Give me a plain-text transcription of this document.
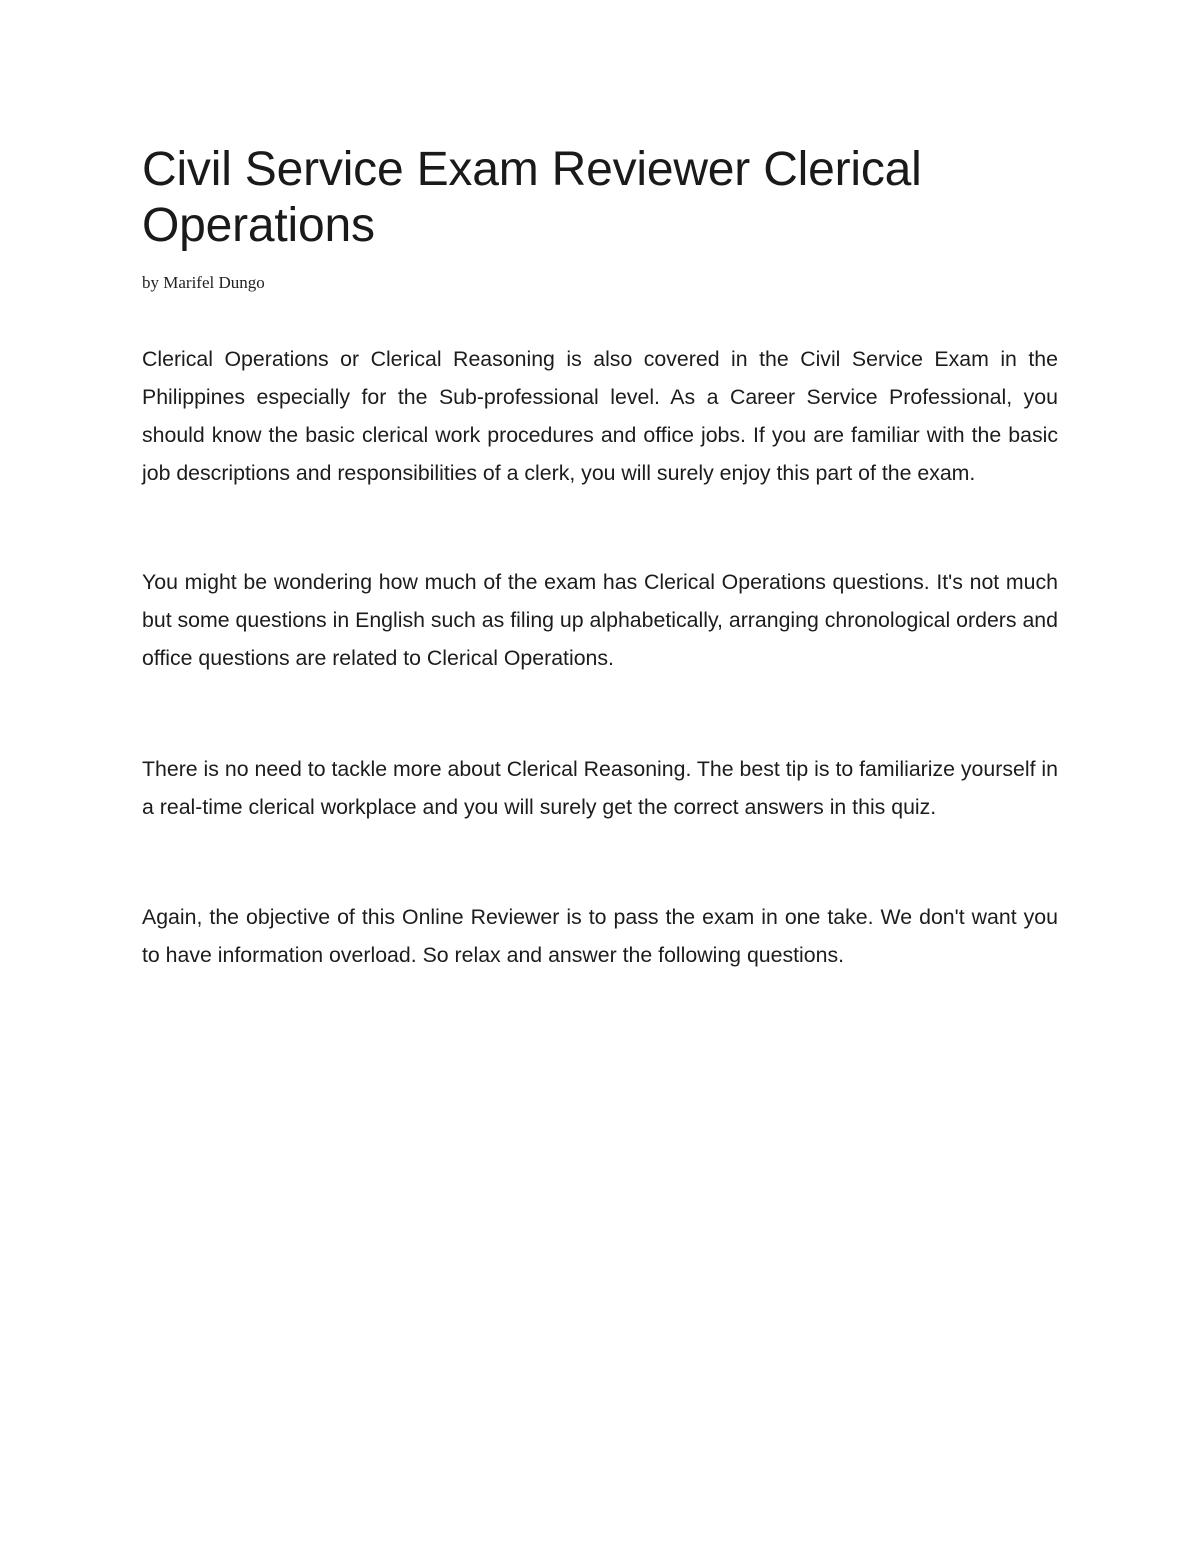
Civil Service Exam Reviewer Clerical Operations

by Marifel Dungo

Clerical Operations or Clerical Reasoning is also covered in the Civil Service Exam in the Philippines especially for the Sub-professional level. As a Career Service Professional, you should know the basic clerical work procedures and office jobs. If you are familiar with the basic job descriptions and responsibilities of a clerk, you will surely enjoy this part of the exam.

You might be wondering how much of the exam has Clerical Operations questions. It's not much but some questions in English such as filing up alphabetically, arranging chronological orders and office questions are related to Clerical Operations.

There is no need to tackle more about Clerical Reasoning. The best tip is to familiarize yourself in a real-time clerical workplace and you will surely get the correct answers in this quiz.

Again, the objective of this Online Reviewer is to pass the exam in one take. We don't want you to have information overload. So relax and answer the following questions.
